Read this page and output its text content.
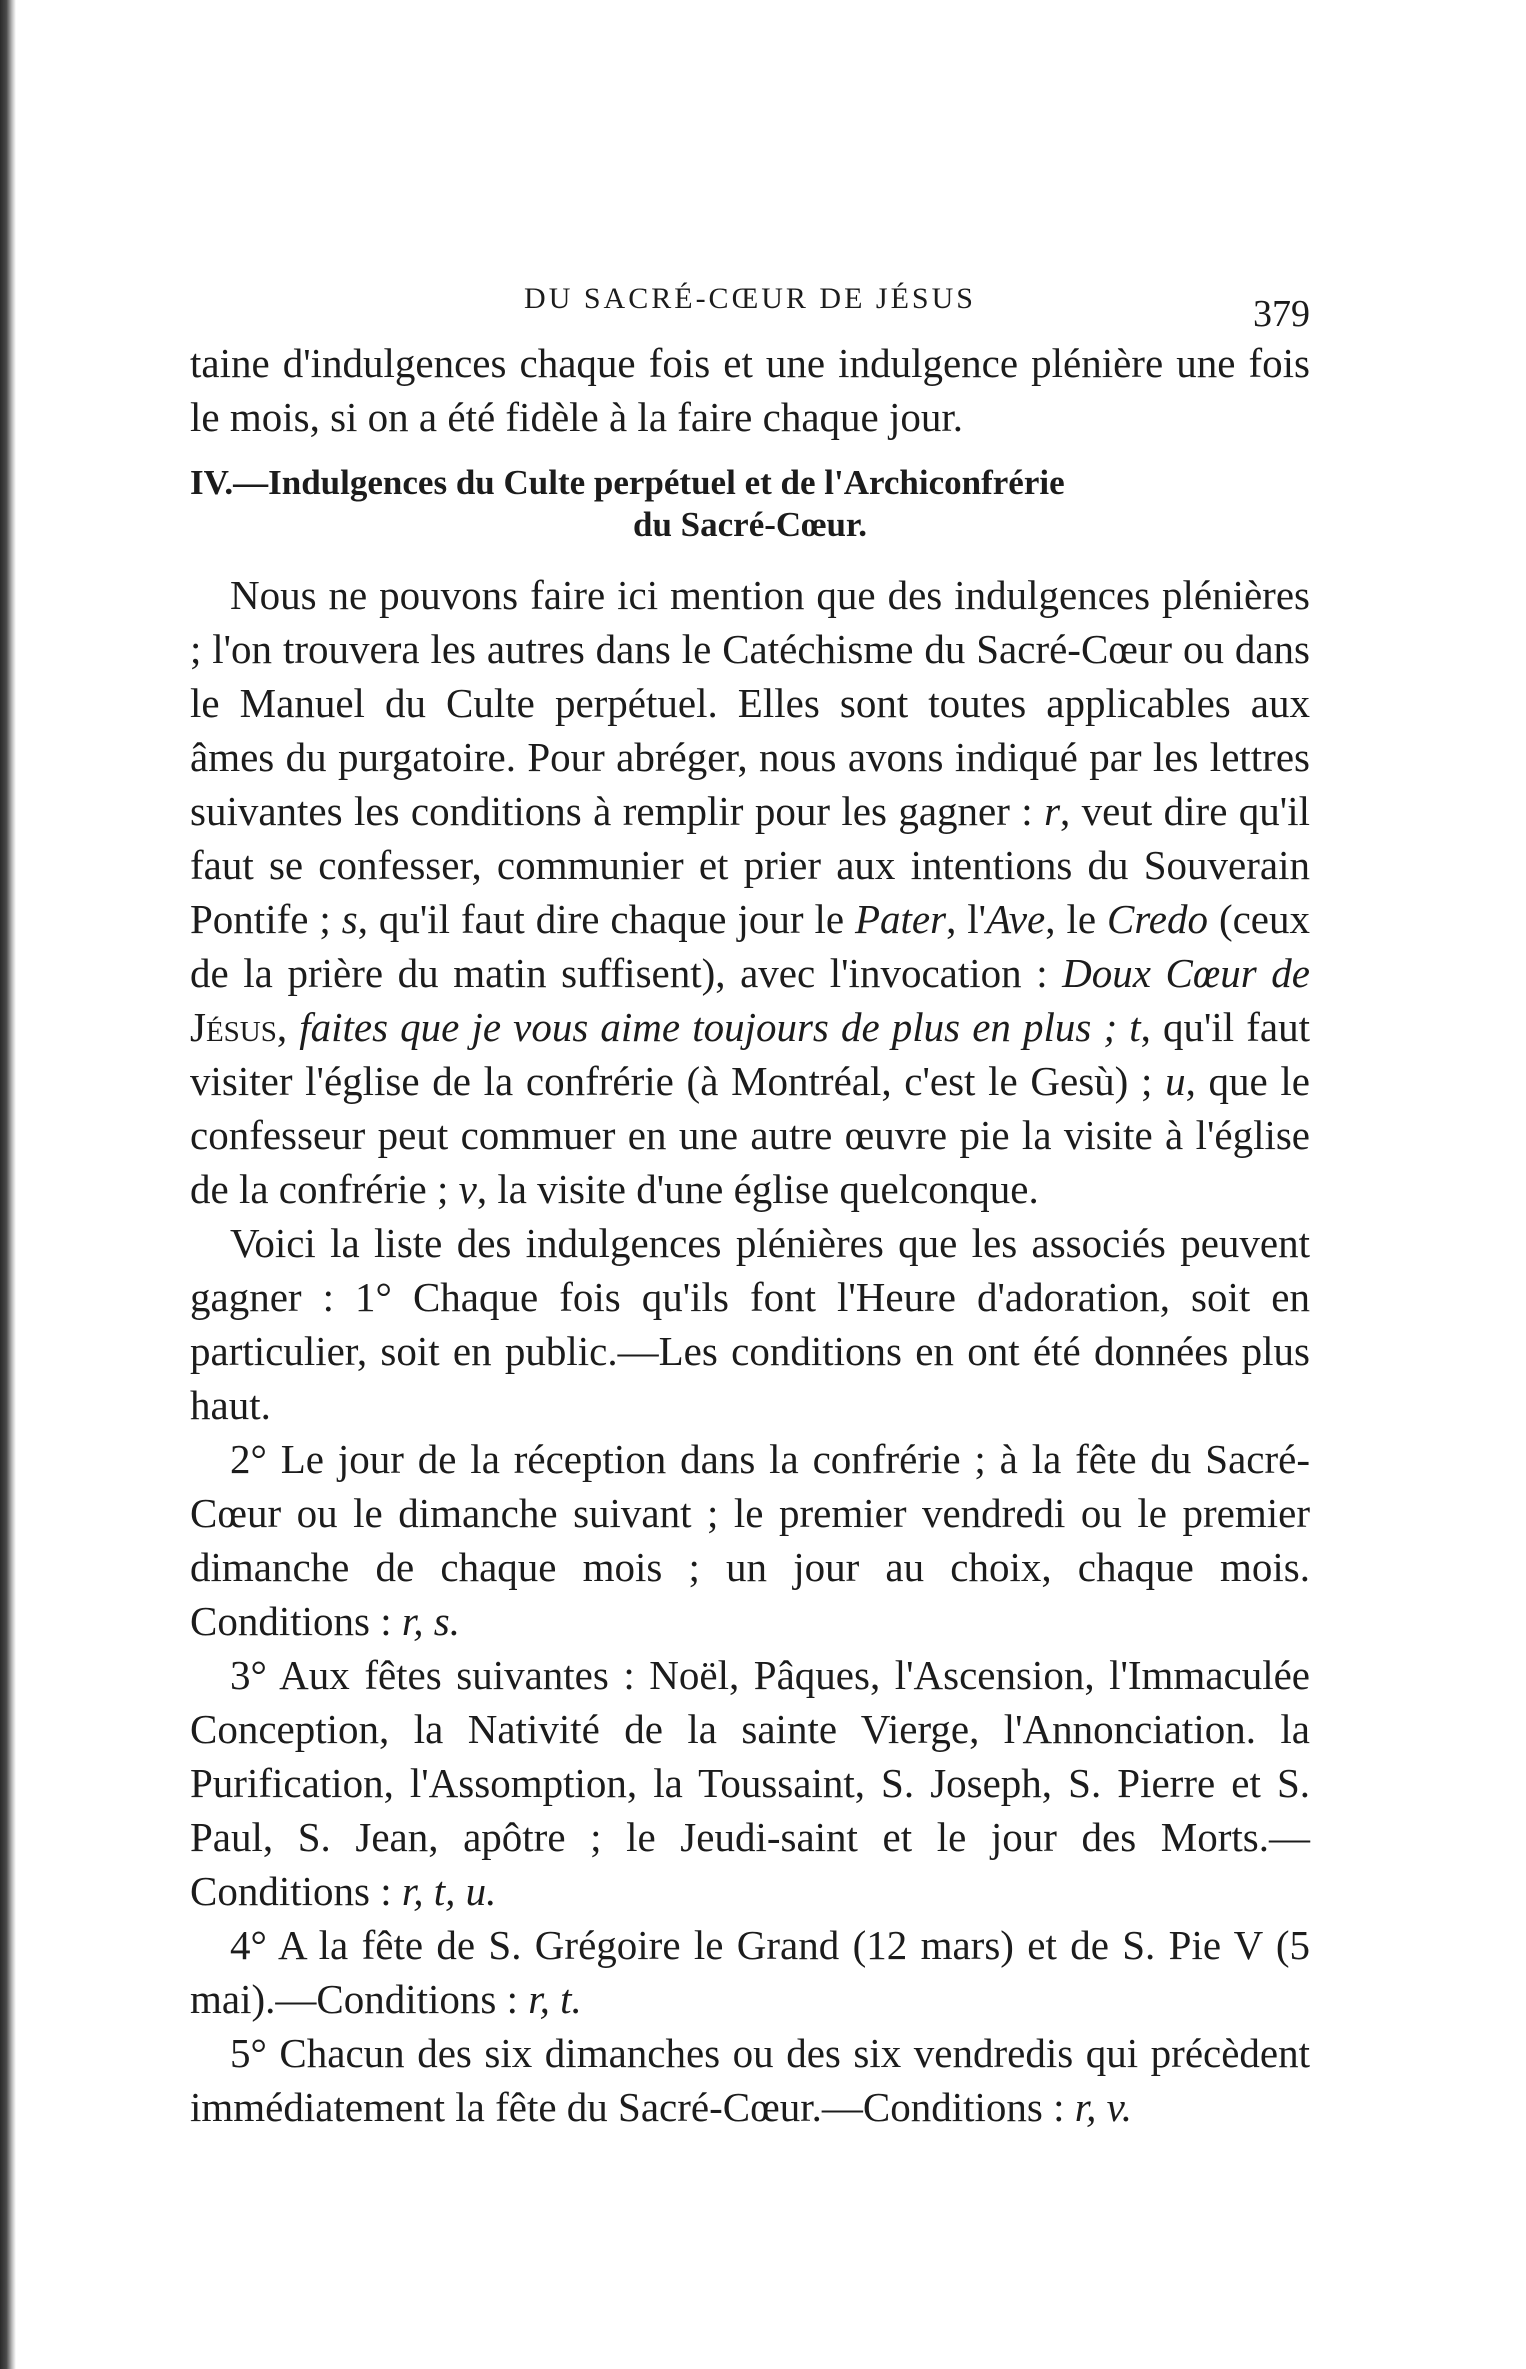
DU SACRÉ-CŒUR DE JÉSUS	379

taine d'indulgences chaque fois et une indulgence plénière une fois le mois, si on a été fidèle à la faire chaque jour.

IV.—Indulgences du Culte perpétuel et de l'Archiconfrérie
du Sacré-Cœur.

Nous ne pouvons faire ici mention que des indulgences plénières ; l'on trouvera les autres dans le Catéchisme du Sacré-Cœur ou dans le Manuel du Culte perpétuel. Elles sont toutes applicables aux âmes du purgatoire. Pour abréger, nous avons indiqué par les lettres suivantes les conditions à remplir pour les gagner : r, veut dire qu'il faut se confesser, communier et prier aux intentions du Souverain Pontife ; s, qu'il faut dire chaque jour le Pater, l'Ave, le Credo (ceux de la prière du matin suffisent), avec l'invocation : Doux Cœur de Jésus, faites que je vous aime toujours de plus en plus ; t, qu'il faut visiter l'église de la confrérie (à Montréal, c'est le Gesù) ; u, que le confesseur peut commuer en une autre œuvre pie la visite à l'église de la confrérie ; v, la visite d'une église quelconque.

Voici la liste des indulgences plénières que les associés peuvent gagner : 1° Chaque fois qu'ils font l'Heure d'adoration, soit en particulier, soit en public.—Les conditions en ont été données plus haut.

2° Le jour de la réception dans la confrérie ; à la fête du Sacré-Cœur ou le dimanche suivant ; le premier vendredi ou le premier dimanche de chaque mois ; un jour au choix, chaque mois. Conditions : r, s.

3° Aux fêtes suivantes : Noël, Pâques, l'Ascension, l'Immaculée Conception, la Nativité de la sainte Vierge, l'Annonciation. la Purification, l'Assomption, la Toussaint, S. Joseph, S. Pierre et S. Paul, S. Jean, apôtre ; le Jeudi-saint et le jour des Morts.—Conditions : r, t, u.

4° A la fête de S. Grégoire le Grand (12 mars) et de S. Pie V (5 mai).—Conditions : r, t.

5° Chacun des six dimanches ou des six vendredis qui précèdent immédiatement la fête du Sacré-Cœur.—Conditions : r, v.
